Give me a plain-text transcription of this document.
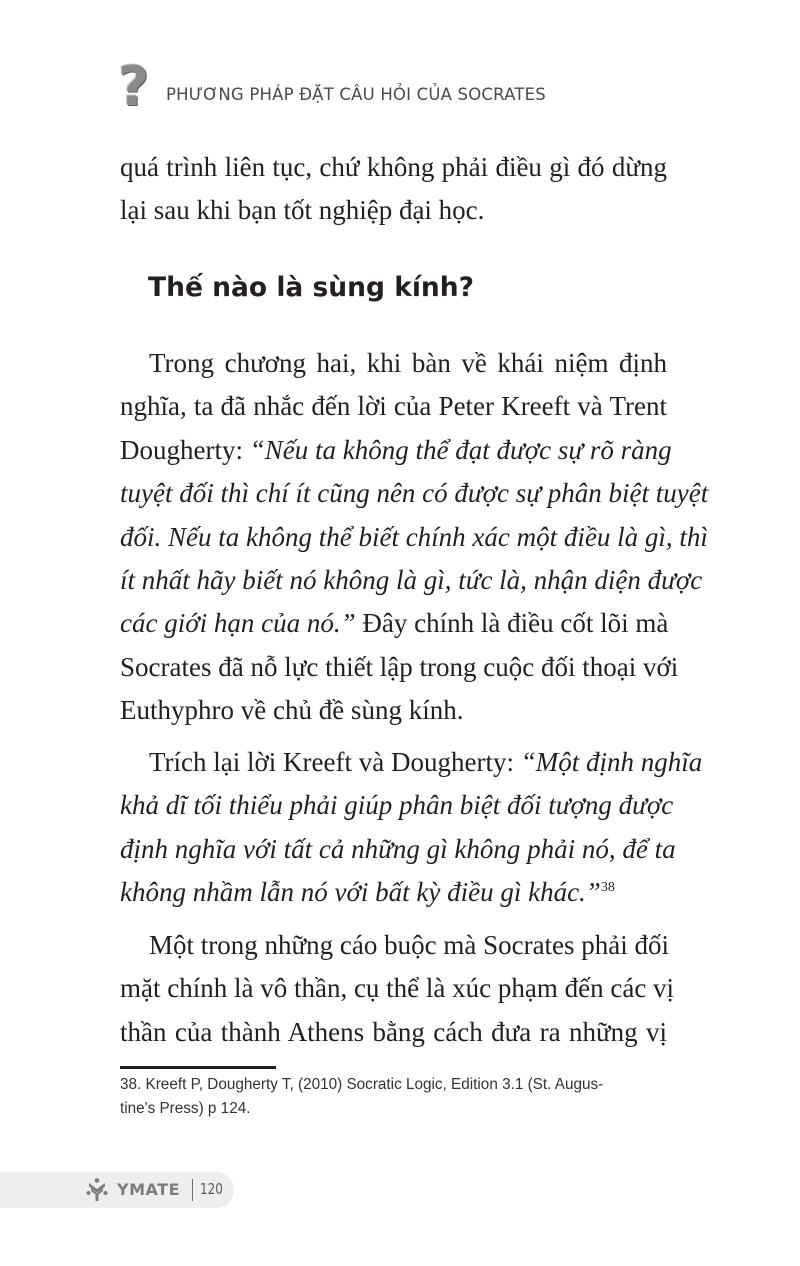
?	PHƯƠNG PHÁP ĐẶT CÂU HỎI CỦA SOCRATES
quá trình liên tục, chứ không phải điều gì đó dừng
lại sau khi bạn tốt nghiệp đại học.
Thế nào là sùng kính?
Trong chương hai, khi bàn về khái niệm định
nghĩa, ta đã nhắc đến lời của Peter Kreeft và Trent
Dougherty: “Nếu ta không thể đạt được sự rõ ràng
tuyệt đối thì chí ít cũng nên có được sự phân biệt tuyệt
đối. Nếu ta không thể biết chính xác một điều là gì, thì
ít nhất hãy biết nó không là gì, tức là, nhận diện được
các giới hạn của nó.” Đây chính là điều cốt lõi mà
Socrates đã nỗ lực thiết lập trong cuộc đối thoại với
Euthyphro về chủ đề sùng kính.
Trích lại lời Kreeft và Dougherty: “Một định nghĩa
khả dĩ tối thiểu phải giúp phân biệt đối tượng được
định nghĩa với tất cả những gì không phải nó, để ta
không nhầm lẫn nó với bất kỳ điều gì khác.”$^{38}$
Một trong những cáo buộc mà Socrates phải đối
mặt chính là vô thần, cụ thể là xúc phạm đến các vị
thần của thành Athens bằng cách đưa ra những vị
38. Kreeft P, Dougherty T, (2010) Socratic Logic, Edition 3.1 (St. Augus-
tine's Press) p 124.
YMATE 120
